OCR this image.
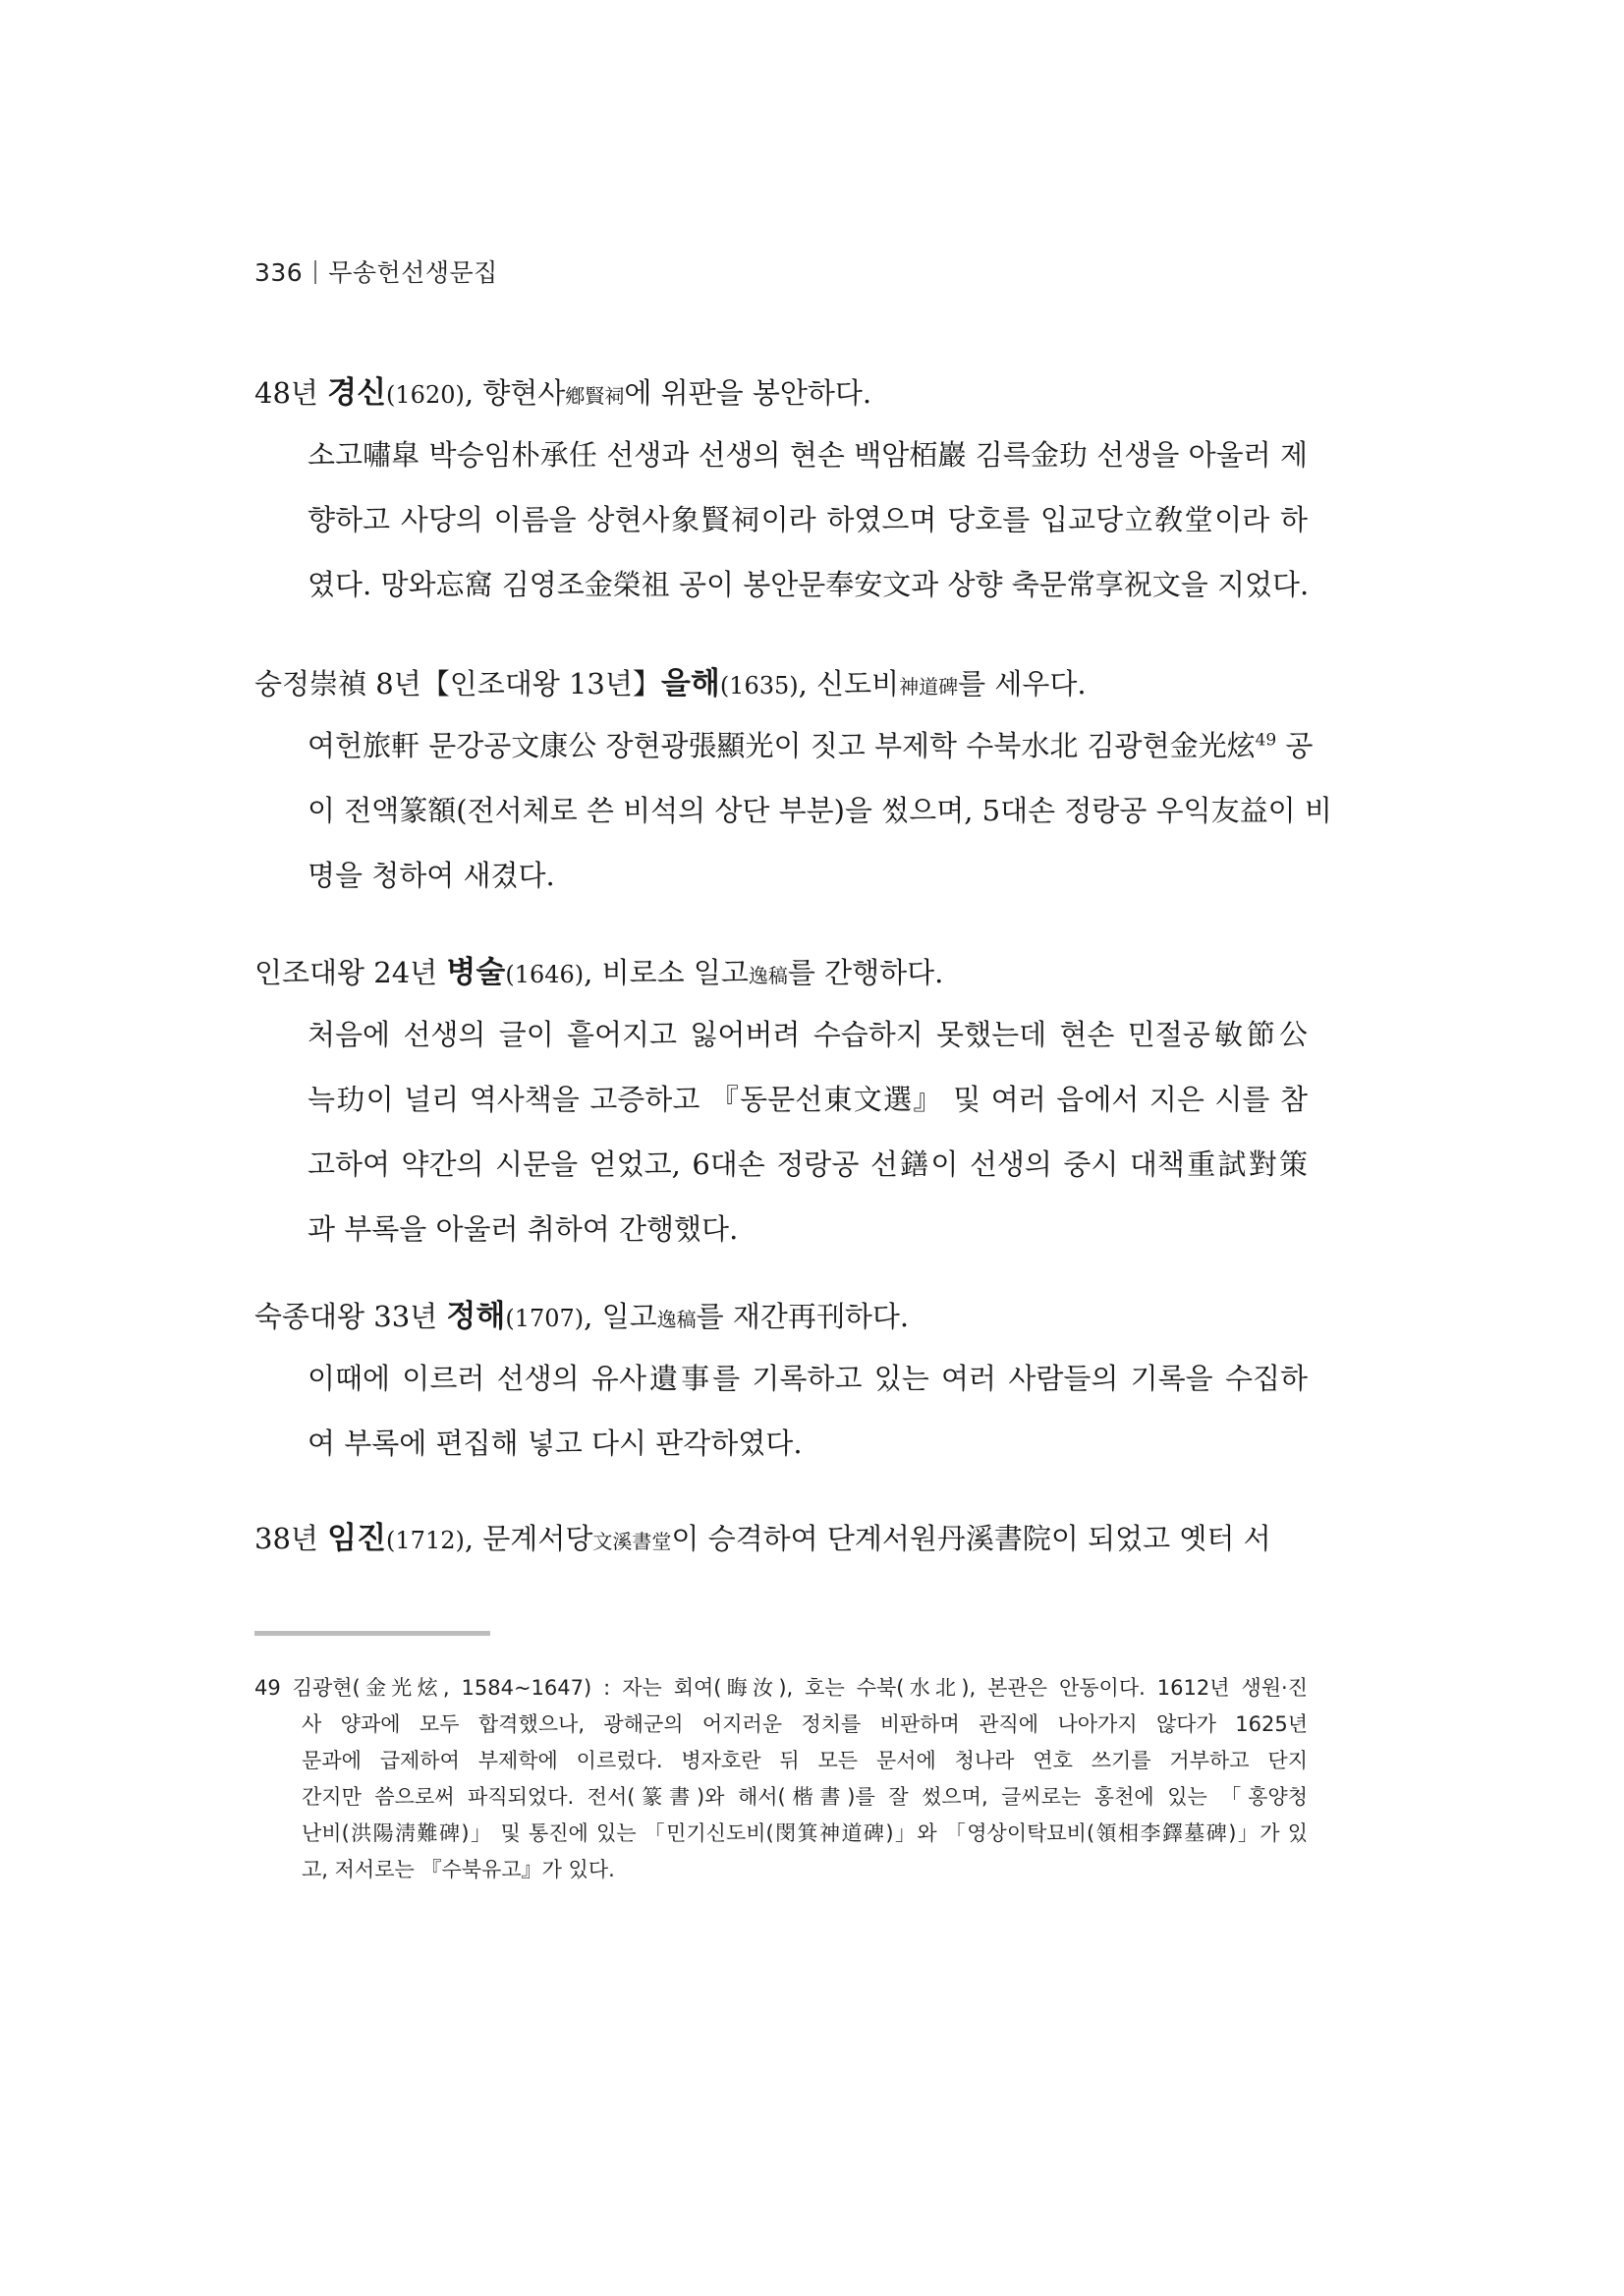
336 무송헌선생문집
48년 경신(1620), 향현사鄕賢祠에 위판을 봉안하다.
소고嘯皐 박승임朴承任 선생과 선생의 현손 백암栢巖 김륵金玏 선생을 아울러 제
향하고 사당의 이름을 상현사象賢祠이라 하였으며 당호를 입교당立敎堂이라 하
였다. 망와忘窩 김영조金榮祖 공이 봉안문奉安文과 상향 축문常享祝文을 지었다.
숭정崇禎 8년【인조대왕 13년】을해(1635), 신도비神道碑를 세우다.
여헌旅軒 문강공文康公 장현광張顯光이 짓고 부제학 수북水北 김광현金光炫$^{49}$ 공
이 전액篆額(전서체로 쓴 비석의 상단 부분)을 썼으며, 5대손 정랑공 우익友益이 비
명을 청하여 새겼다.
인조대왕 24년 병술(1646), 비로소 일고逸稿를 간행하다.
처음에 선생의 글이 흩어지고 잃어버려 수습하지 못했는데 현손 민절공敏節公
늑玏이 널리 역사책을 고증하고 『동문선東文選』 및 여러 읍에서 지은 시를 참
고하여 약간의 시문을 얻었고, 6대손 정랑공 선鐥이 선생의 중시 대책重試對策
과 부록을 아울러 취하여 간행했다.
숙종대왕 33년 정해(1707), 일고逸稿를 재간再刊하다.
이때에 이르러 선생의 유사遺事를 기록하고 있는 여러 사람들의 기록을 수집하
여 부록에 편집해 넣고 다시 판각하였다.
38년 임진(1712), 문계서당文溪書堂이 승격하여 단계서원丹溪書院이 되었고 옛터 서
49 김광현(金光炫, 1584~1647) : 자는 회여(晦汝), 호는 수북(水北), 본관은 안동이다. 1612년 생원·진
사 양과에 모두 합격했으나, 광해군의 어지러운 정치를 비판하며 관직에 나아가지 않다가 1625년
문과에 급제하여 부제학에 이르렀다. 병자호란 뒤 모든 문서에 청나라 연호 쓰기를 거부하고 단지
간지만 씀으로써 파직되었다. 전서(篆書)와 해서(楷書)를 잘 썼으며, 글씨로는 홍천에 있는 「홍양청
난비(洪陽淸難碑)」 및 통진에 있는 「민기신도비(閔箕神道碑)」와 「영상이탁묘비(領相李鐸墓碑)」가 있
고, 저서로는 『수북유고』가 있다.
